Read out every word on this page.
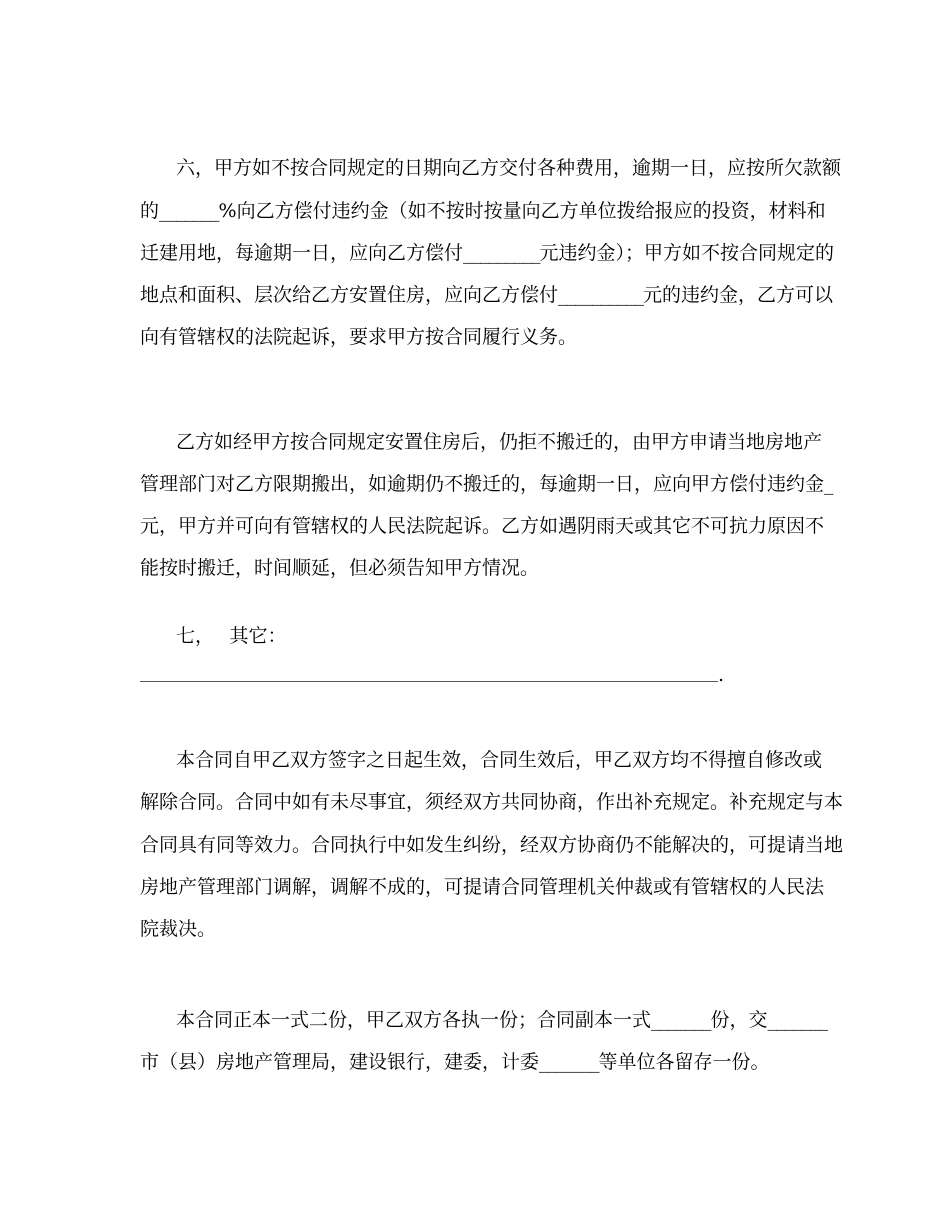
六，甲方如不按合同规定的日期向乙方交付各种费用，逾期一日，应按所欠款额
的_______%向乙方偿付违约金（如不按时按量向乙方单位拨给报应的投资，材料和
迁建用地，每逾期一日，应向乙方偿付_________元违约金）；甲方如不按合同规定的
地点和面积、层次给乙方安置住房，应向乙方偿付__________元的违约金，乙方可以
向有管辖权的法院起诉，要求甲方按合同履行义务。
乙方如经甲方按合同规定安置住房后，仍拒不搬迁的，由甲方申请当地房地产
管理部门对乙方限期搬出，如逾期仍不搬迁的，每逾期一日，应向甲方偿付违约金_
元，甲方并可向有管辖权的人民法院起诉。乙方如遇阴雨天或其它不可抗力原因不
能按时搬迁，时间顺延，但必须告知甲方情况。
七，　 其它：
本合同自甲乙双方签字之日起生效，合同生效后，甲乙双方均不得擅自修改或
解除合同。合同中如有未尽事宜，须经双方共同协商，作出补充规定。补充规定与本
合同具有同等效力。合同执行中如发生纠纷，经双方协商仍不能解决的，可提请当地
房地产管理部门调解，调解不成的，可提请合同管理机关仲裁或有管辖权的人民法
院裁决。
本合同正本一式二份，甲乙双方各执一份；合同副本一式_______份，交_______
市（县）房地产管理局，建设银行，建委，计委_______等单位各留存一份。
.
